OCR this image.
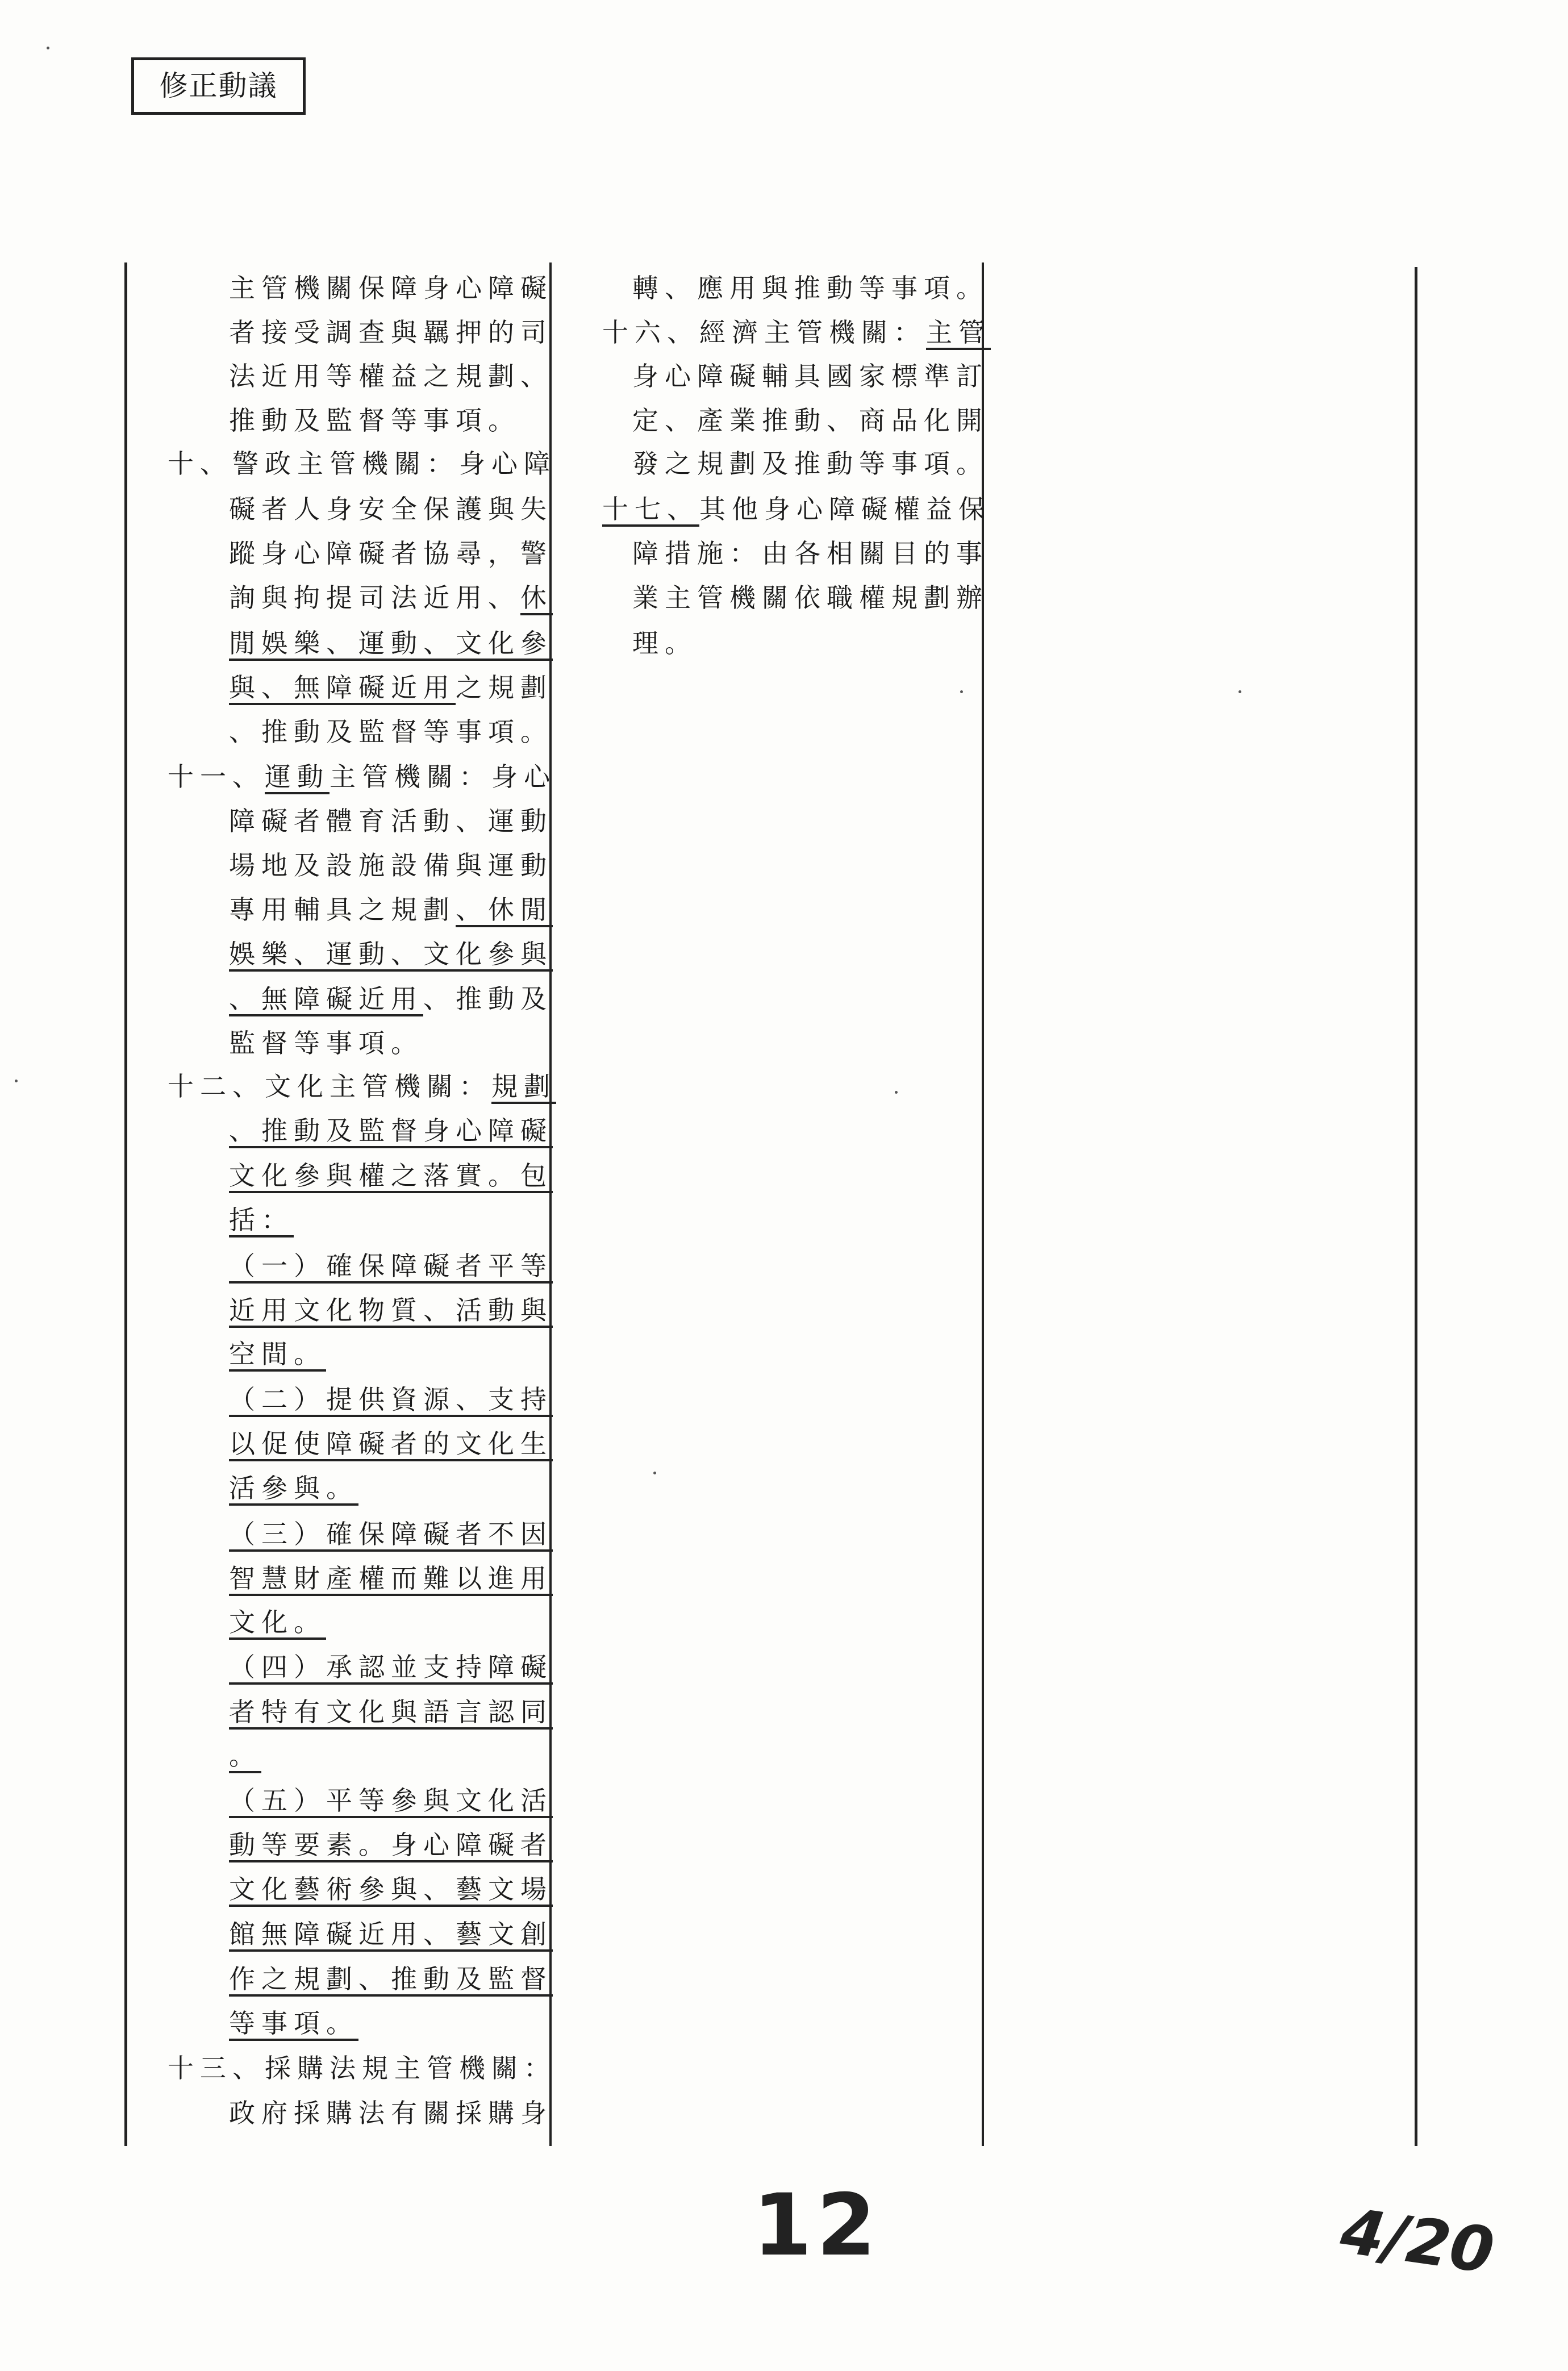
修正動議
主管機關保障身心障礙
者接受調查與羈押的司
法近用等權益之規劃、
推動及監督等事項。
十、警政主管機關：身心障
礙者人身安全保護與失
蹤身心障礙者協尋，警
詢與拘提司法近用、休
閒娛樂、運動、文化參
與、無障礙近用之規劃
、推動及監督等事項。
十一、運動主管機關：身心
障礙者體育活動、運動
場地及設施設備與運動
專用輔具之規劃、休閒
娛樂、運動、文化參與
、無障礙近用、推動及
監督等事項。
十二、文化主管機關：規劃
、推動及監督身心障礙
文化參與權之落實。包
括：
（一）確保障礙者平等
近用文化物質、活動與
空間。
（二）提供資源、支持
以促使障礙者的文化生
活參與。
（三）確保障礙者不因
智慧財產權而難以進用
文化。
（四）承認並支持障礙
者特有文化與語言認同
。
（五）平等參與文化活
動等要素。身心障礙者
文化藝術參與、藝文場
館無障礙近用、藝文創
作之規劃、推動及監督
等事項。
十三、採購法規主管機關：
政府採購法有關採購身
轉、應用與推動等事項。
十六、經濟主管機關：主管
身心障礙輔具國家標準訂
定、產業推動、商品化開
發之規劃及推動等事項。
十七、其他身心障礙權益保
障措施：由各相關目的事
業主管機關依職權規劃辦
理。
12	4/20
